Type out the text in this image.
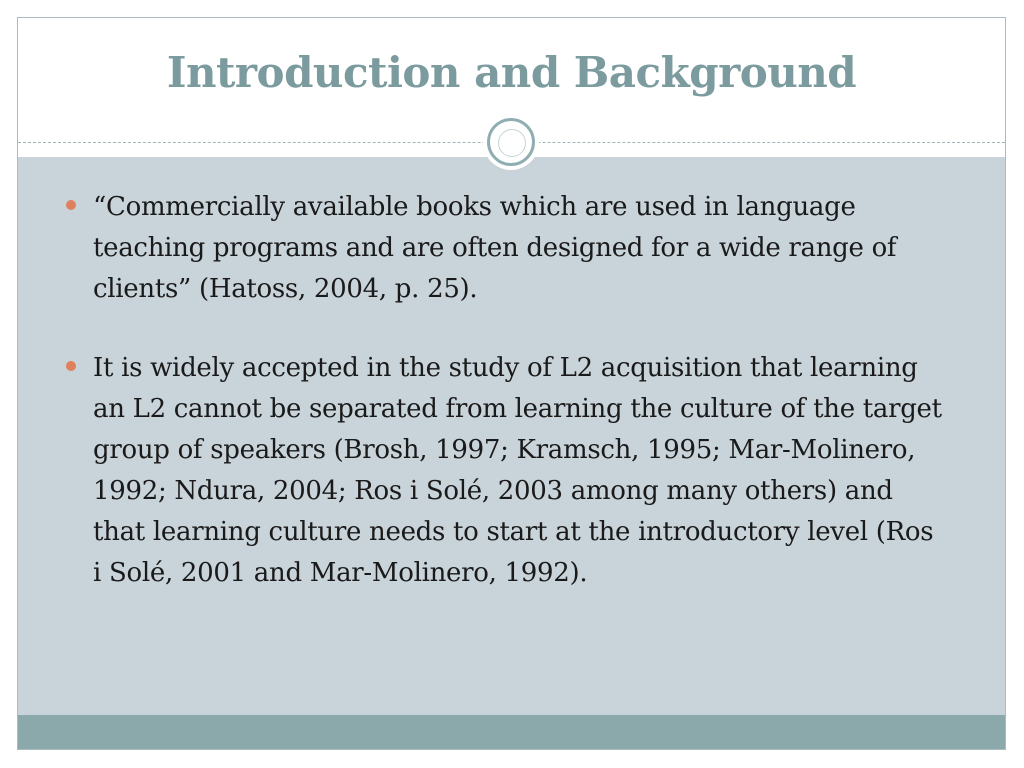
Introduction and Background
“Commercially available books which are used in language teaching programs and are often designed for a wide range of clients” (Hatoss, 2004, p. 25).
It is widely accepted in the study of L2 acquisition that learning an L2 cannot be separated from learning the culture of the target group of speakers (Brosh, 1997; Kramsch, 1995; Mar-Molinero, 1992; Ndura, 2004; Ros i Solé, 2003 among many others) and that learning culture needs to start at the introductory level (Ros i Solé, 2001 and Mar-Molinero, 1992).
